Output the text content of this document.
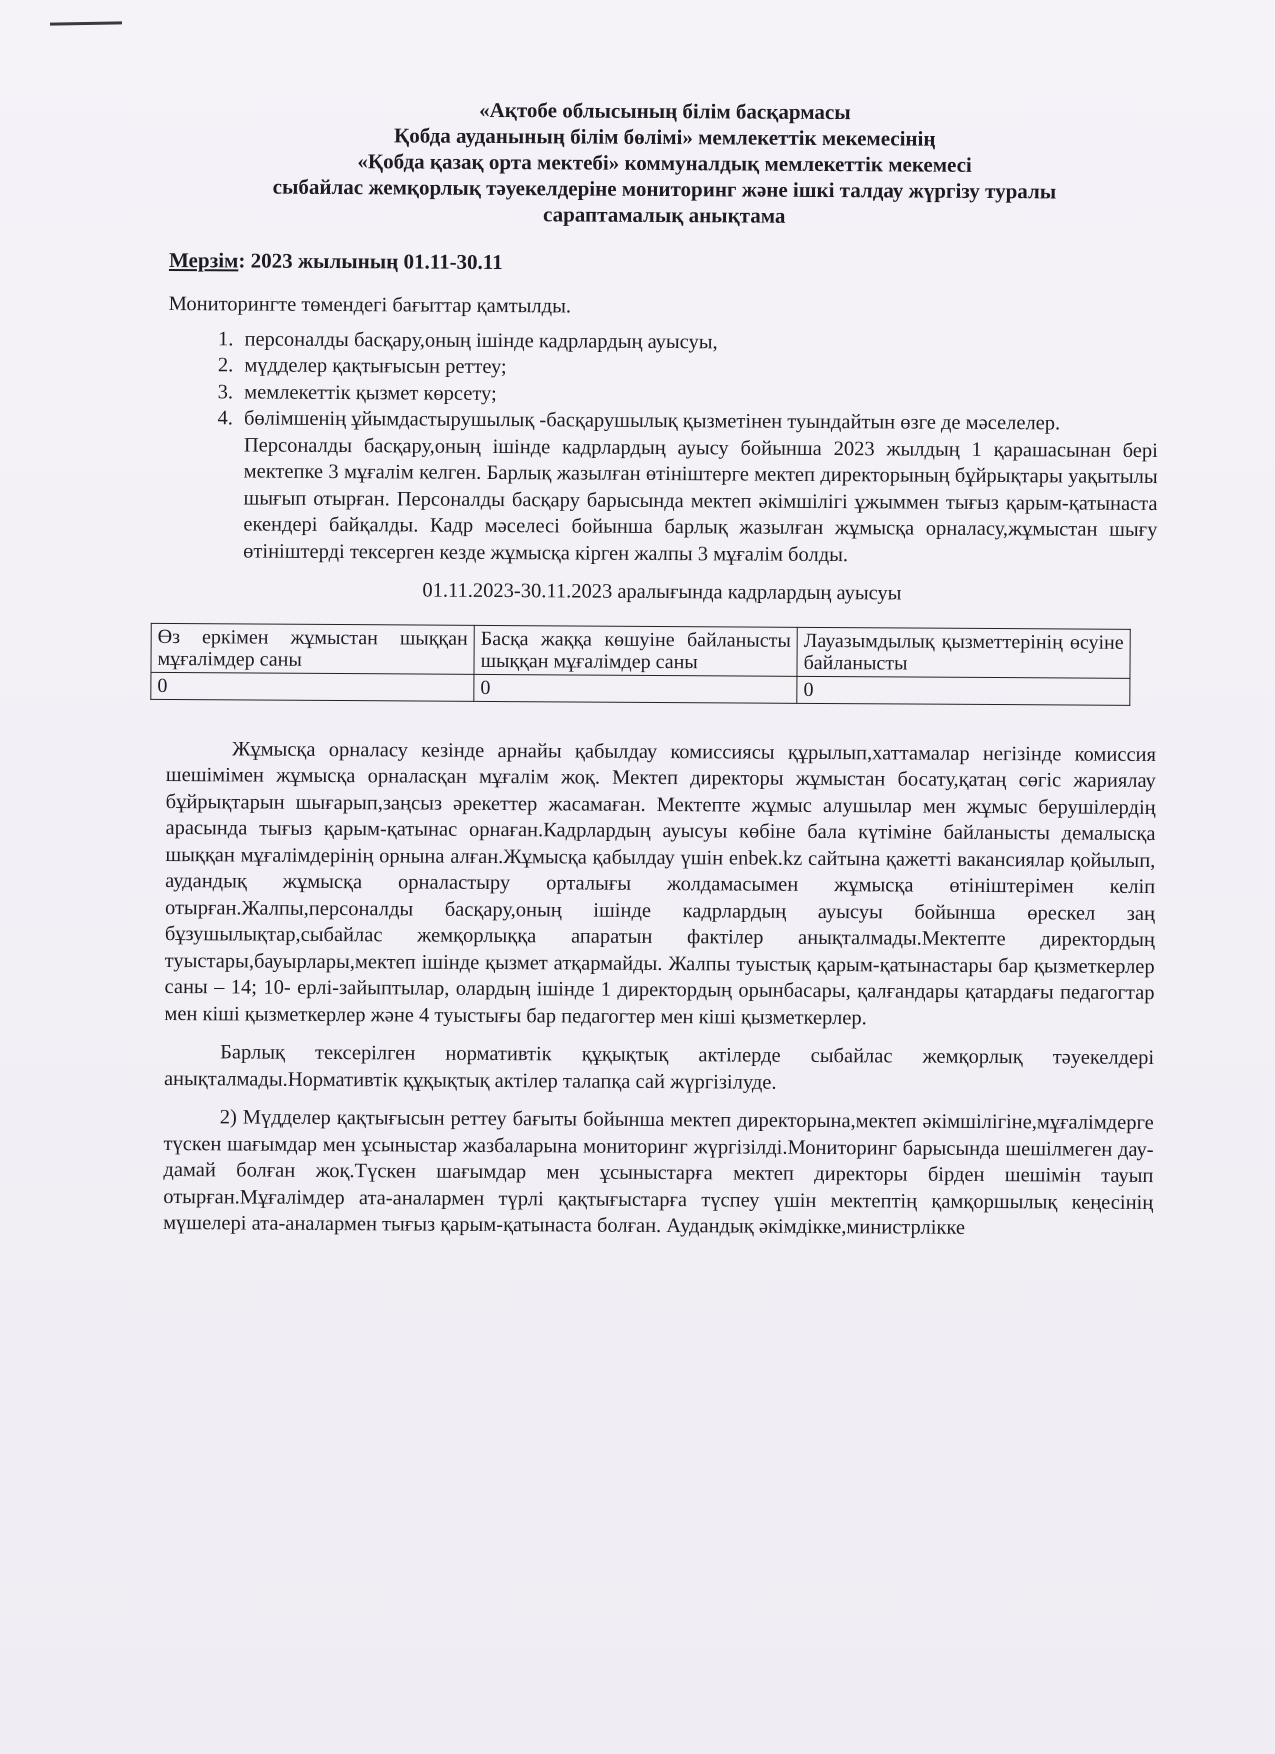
«Ақтобе облысының білім басқармасы

Қобда ауданының білім бөлімі» мемлекеттік мекемесінің

«Қобда қазақ орта мектебі» коммуналдық мемлекеттік мекемесі

сыбайлас жемқорлық тәуекелдеріне мониторинг және ішкі талдау жүргізу туралы

сараптамалық анықтама

Мерзім: 2023 жылының 01.11-30.11

Мониторингте төмендегі бағыттар қамтылды.

1. персоналды басқару,оның ішінде кадрлардың ауысуы,
2. мүдделер қақтығысын реттеу;
3. мемлекеттік қызмет көрсету;
4. бөлімшенің ұйымдастырушылық -басқарушылық қызметінен туындайтын өзге де мәселелер.

Персоналды басқару,оның ішінде кадрлардың ауысу бойынша 2023 жылдың 1 қарашасынан бері мектепке 3 мұғалім келген. Барлық жазылған өтініштерге мектеп директорының бұйрықтары уақытылы шығып отырған. Персоналды басқару барысында мектеп әкімшілігі ұжыммен тығыз қарым-қатынаста екендері байқалды. Кадр мәселесі бойынша барлық жазылған жұмысқа орналасу,жұмыстан шығу өтініштерді тексерген кезде жұмысқа кірген жалпы 3 мұғалім болды.

01.11.2023-30.11.2023 аралығында кадрлардың ауысуы

Өз еркімен жұмыстан шыққан мұғалімдер саны	Басқа жаққа көшуіне байланысты шыққан мұғалімдер саны	Лауазымдылық қызметтерінің өсуіне байланысты
0	0	0

Жұмысқа орналасу кезінде арнайы қабылдау комиссиясы құрылып,хаттамалар негізінде комиссия шешімімен жұмысқа орналасқан мұғалім жоқ. Мектеп директоры жұмыстан босату,қатаң сөгіс жариялау бұйрықтарын шығарып,заңсыз әрекеттер жасамаған. Мектепте жұмыс алушылар мен жұмыс берушілердің арасында тығыз қарым-қатынас орнаған.Кадрлардың ауысуы көбіне бала күтіміне байланысты демалысқа шыққан мұғалімдерінің орнына алған.Жұмысқа қабылдау үшін enbek.kz сайтына қажетті вакансиялар қойылып, аудандық жұмысқа орналастыру орталығы жолдамасымен жұмысқа өтініштерімен келіп отырған.Жалпы,персоналды басқару,оның ішінде кадрлардың ауысуы бойынша өрескел заң бұзушылықтар,сыбайлас жемқорлыққа апаратын фактілер анықталмады.Мектепте директордың туыстары,бауырлары,мектеп ішінде қызмет атқармайды. Жалпы туыстық қарым-қатынастары бар қызметкерлер саны – 14; 10- ерлі-зайыптылар, олардың ішінде 1 директордың орынбасары, қалғандары қатардағы педагогтар мен кіші қызметкерлер және 4 туыстығы бар педагогтер мен кіші қызметкерлер.

Барлық тексерілген нормативтік құқықтық актілерде сыбайлас жемқорлық тәуекелдері анықталмады.Нормативтік құқықтық актілер талапқа сай жүргізілуде.

2) Мүдделер қақтығысын реттеу бағыты бойынша мектеп директорына,мектеп әкімшілігіне,мұғалімдерге түскен шағымдар мен ұсыныстар жазбаларына мониторинг жүргізілді.Мониторинг барысында шешілмеген дау-дамай болған жоқ.Түскен шағымдар мен ұсыныстарға мектеп директоры бірден шешімін тауып отырған.Мұғалімдер ата-аналармен түрлі қақтығыстарға түспеу үшін мектептің қамқоршылық кеңесінің мүшелері ата-аналармен тығыз қарым-қатынаста болған. Аудандық әкімдікке,министрлікке
